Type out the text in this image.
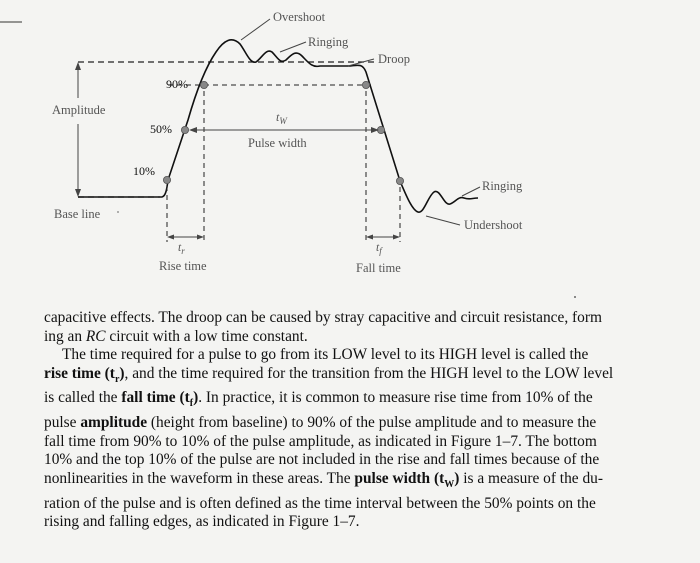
Amplitude
Base line
90%
50%
10%
$t_W$
Pulse width
$t_r$
Rise time
$t_f$
Fall time
Overshoot
Ringing
Droop
Ringing
Undershoot

capacitive effects. The droop can be caused by stray capacitive and circuit resistance, form

ing an RC circuit with a low time constant.

The time required for a pulse to go from its LOW level to its HIGH level is called the

rise time $(t_r)$, and the time required for the transition from the HIGH level to the LOW level

is called the fall time $(t_f)$. In practice, it is common to measure rise time from 10% of the

pulse amplitude (height from baseline) to 90% of the pulse amplitude and to measure the

fall time from 90% to 10% of the pulse amplitude, as indicated in Figure 1–7. The bottom

10% and the top 10% of the pulse are not included in the rise and fall times because of the

nonlinearities in the waveform in these areas. The pulse width $(t_W)$ is a measure of the du-

ration of the pulse and is often defined as the time interval between the 50% points on the

rising and falling edges, as indicated in Figure 1–7.
